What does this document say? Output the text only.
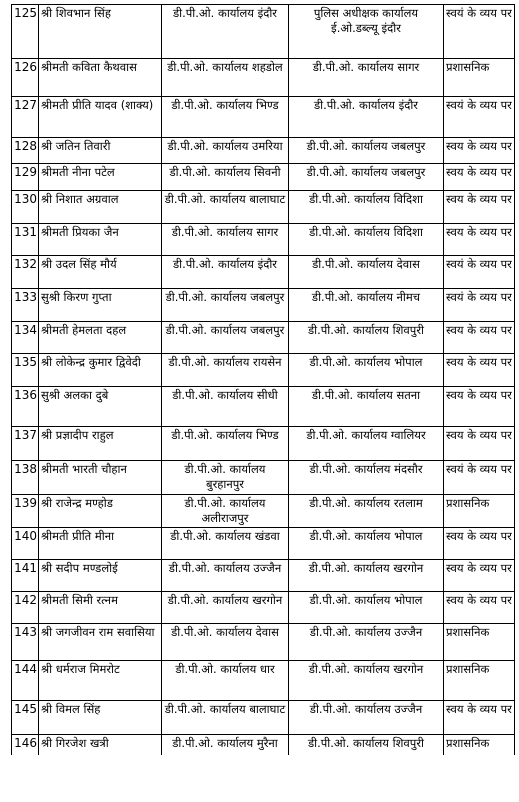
125	श्री शिवभान सिंह	डी.पी.ओ. कार्यालय इंदौर	पुलिस अधीक्षक कार्यालय ई.ओ.डब्ल्यू इंदौर	स्वयं के व्यय पर
126	श्रीमती कविता कैथवास	डी.पी.ओ. कार्यालय शहडोल	डी.पी.ओ. कार्यालय सागर	प्रशासनिक
127	श्रीमती प्रीति यादव (शाक्य)	डी.पी.ओ. कार्यालय भिण्ड	डी.पी.ओ. कार्यालय इंदौर	स्वयं के व्यय पर
128	श्री जतिन तिवारी	डी.पी.ओ. कार्यालय उमरिया	डी.पी.ओ. कार्यालय जबलपुर	स्वय के व्यय पर
129	श्रीमती नीना पटेल	डी.पी.ओ. कार्यालय सिवनी	डी.पी.ओ. कार्यालय जबलपुर	स्वय के व्यय पर
130	श्री निशात अग्रवाल	डी.पी.ओ. कार्यालय बालाघाट	डी.पी.ओ. कार्यालय विदिशा	स्वय के व्यय पर
131	श्रीमती प्रियका जैन	डी.पी.ओ. कार्यालय सागर	डी.पी.ओ. कार्यालय विदिशा	स्वय के व्यय पर
132	श्री उदल सिंह मौर्य	डी.पी.ओ. कार्यालय इंदौर	डी.पी.ओ. कार्यालय देवास	स्वयं के व्यय पर
133	सुश्री किरण गुप्ता	डी.पी.ओ. कार्यालय जबलपुर	डी.पी.ओ. कार्यालय नीमच	स्वयं के व्यय पर
134	श्रीमती हेमलता दहल	डी.पी.ओ. कार्यालय जबलपुर	डी.पी.ओ. कार्यालय शिवपुरी	स्वय के व्यय पर
135	श्री लोकेन्द्र कुमार द्विवेदी	डी.पी.ओ. कार्यालय रायसेन	डी.पी.ओ. कार्यालय भोपाल	स्वय के व्यय पर
136	सुश्री अलका दुबे	डी.पी.ओ. कार्यालय सीधी	डी.पी.ओ. कार्यालय सतना	स्वय के व्यय पर
137	श्री प्रज्ञादीप राहुल	डी.पी.ओ. कार्यालय भिण्ड	डी.पी.ओ. कार्यालय ग्वालियर	स्वय के व्यय पर
138	श्रीमती भारती चौहान	डी.पी.ओ. कार्यालय बुरहानपुर	डी.पी.ओ. कार्यालय मंदसौर	स्वयं के व्यय पर
139	श्री राजेन्द्र मण्होड	डी.पी.ओ. कार्यालय अलीराजपुर	डी.पी.ओ. कार्यालय रतलाम	प्रशासनिक
140	श्रीमती प्रीति मीना	डी.पी.ओ. कार्यालय खंडवा	डी.पी.ओ. कार्यालय भोपाल	स्वय के व्यय पर
141	श्री सदीप मण्डलोई	डी.पी.ओ. कार्यालय उज्जैन	डी.पी.ओ. कार्यालय खरगोन	स्वय के व्यय पर
142	श्रीमती सिमी रत्नम	डी.पी.ओ. कार्यालय खरगोन	डी.पी.ओ. कार्यालय भोपाल	स्वय के व्यय पर
143	श्री जगजीवन राम सवासिया	डी.पी.ओ. कार्यालय देवास	डी.पी.ओ. कार्यालय उज्जैन	प्रशासनिक
144	श्री धर्मराज मिमरोट	डी.पी.ओ. कार्यालय धार	डी.पी.ओ. कार्यालय खरगोन	प्रशासनिक
145	श्री विमल सिंह	डी.पी.ओ. कार्यालय बालाघाट	डी.पी.ओ. कार्यालय उज्जैन	स्वय के व्यय पर
146	श्री गिरजेश खत्री	डी.पी.ओ. कार्यालय मुरैना	डी.पी.ओ. कार्यालय शिवपुरी	प्रशासनिक
